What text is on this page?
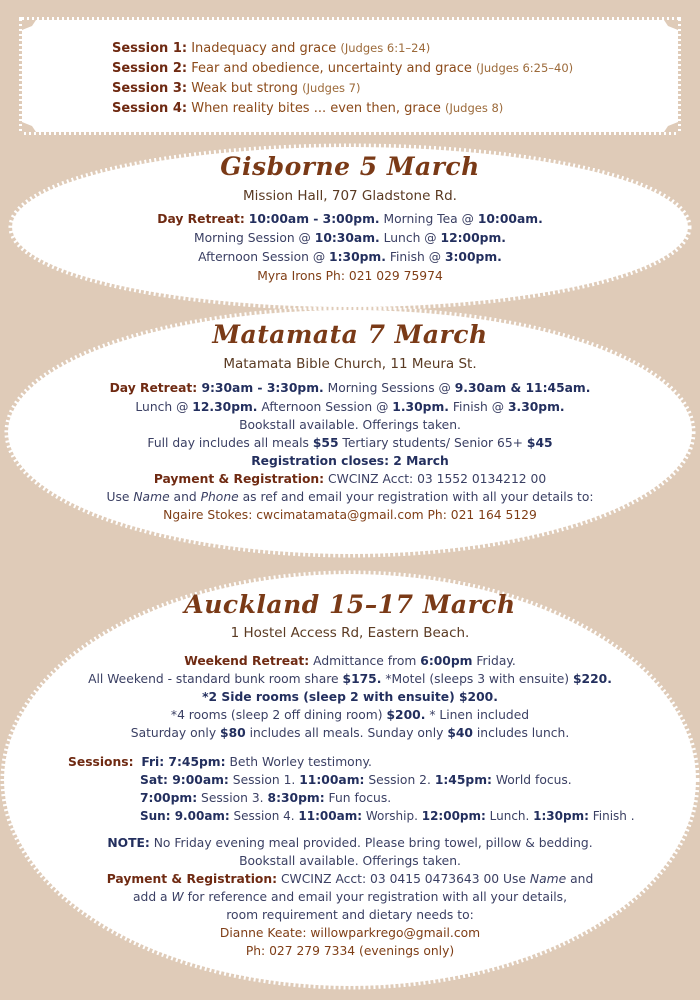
Session 1: Inadequacy and grace (Judges 6:1–24)
Session 2: Fear and obedience, uncertainty and grace (Judges 6:25–40)
Session 3: Weak but strong (Judges 7)
Session 4: When reality bites ... even then, grace (Judges 8)
Gisborne 5 March
Mission Hall, 707 Gladstone Rd.
Day Retreat: 10:00am - 3:00pm. Morning Tea @ 10:00am.
Morning Session @ 10:30am. Lunch @ 12:00pm.
Afternoon Session @ 1:30pm. Finish @ 3:00pm.
Myra Irons Ph: 021 029 75974
Matamata 7 March
Matamata Bible Church, 11 Meura St.
Day Retreat: 9:30am - 3:30pm. Morning Sessions @ 9.30am & 11:45am.
Lunch @ 12.30pm. Afternoon Session @ 1.30pm. Finish @ 3.30pm.
Bookstall available. Offerings taken.
Full day includes all meals $55 Tertiary students/ Senior 65+ $45
Registration closes: 2 March
Payment & Registration: CWCINZ Acct: 03 1552 0134212 00
Use Name and Phone as ref and email your registration with all your details to:
Ngaire Stokes: cwcimatamata@gmail.com Ph: 021 164 5129
Auckland 15–17 March
1 Hostel Access Rd, Eastern Beach.
Weekend Retreat: Admittance from 6:00pm Friday.
All Weekend - standard bunk room share $175. *Motel (sleeps 3 with ensuite) $220.
*2 Side rooms (sleep 2 with ensuite) $200.
*4 rooms (sleep 2 off dining room) $200. * Linen included
Saturday only $80 includes all meals. Sunday only $40 includes lunch.
Sessions: Fri: 7:45pm: Beth Worley testimony.
Sat: 9:00am: Session 1. 11:00am: Session 2. 1:45pm: World focus.
7:00pm: Session 3. 8:30pm: Fun focus.
Sun: 9.00am: Session 4. 11:00am: Worship. 12:00pm: Lunch. 1:30pm: Finish .
NOTE: No Friday evening meal provided. Please bring towel, pillow & bedding.
Bookstall available. Offerings taken.
Payment & Registration: CWCINZ Acct: 03 0415 0473643 00 Use Name and
add a W for reference and email your registration with all your details,
room requirement and dietary needs to:
Dianne Keate: willowparkrego@gmail.com
Ph: 027 279 7334 (evenings only)
